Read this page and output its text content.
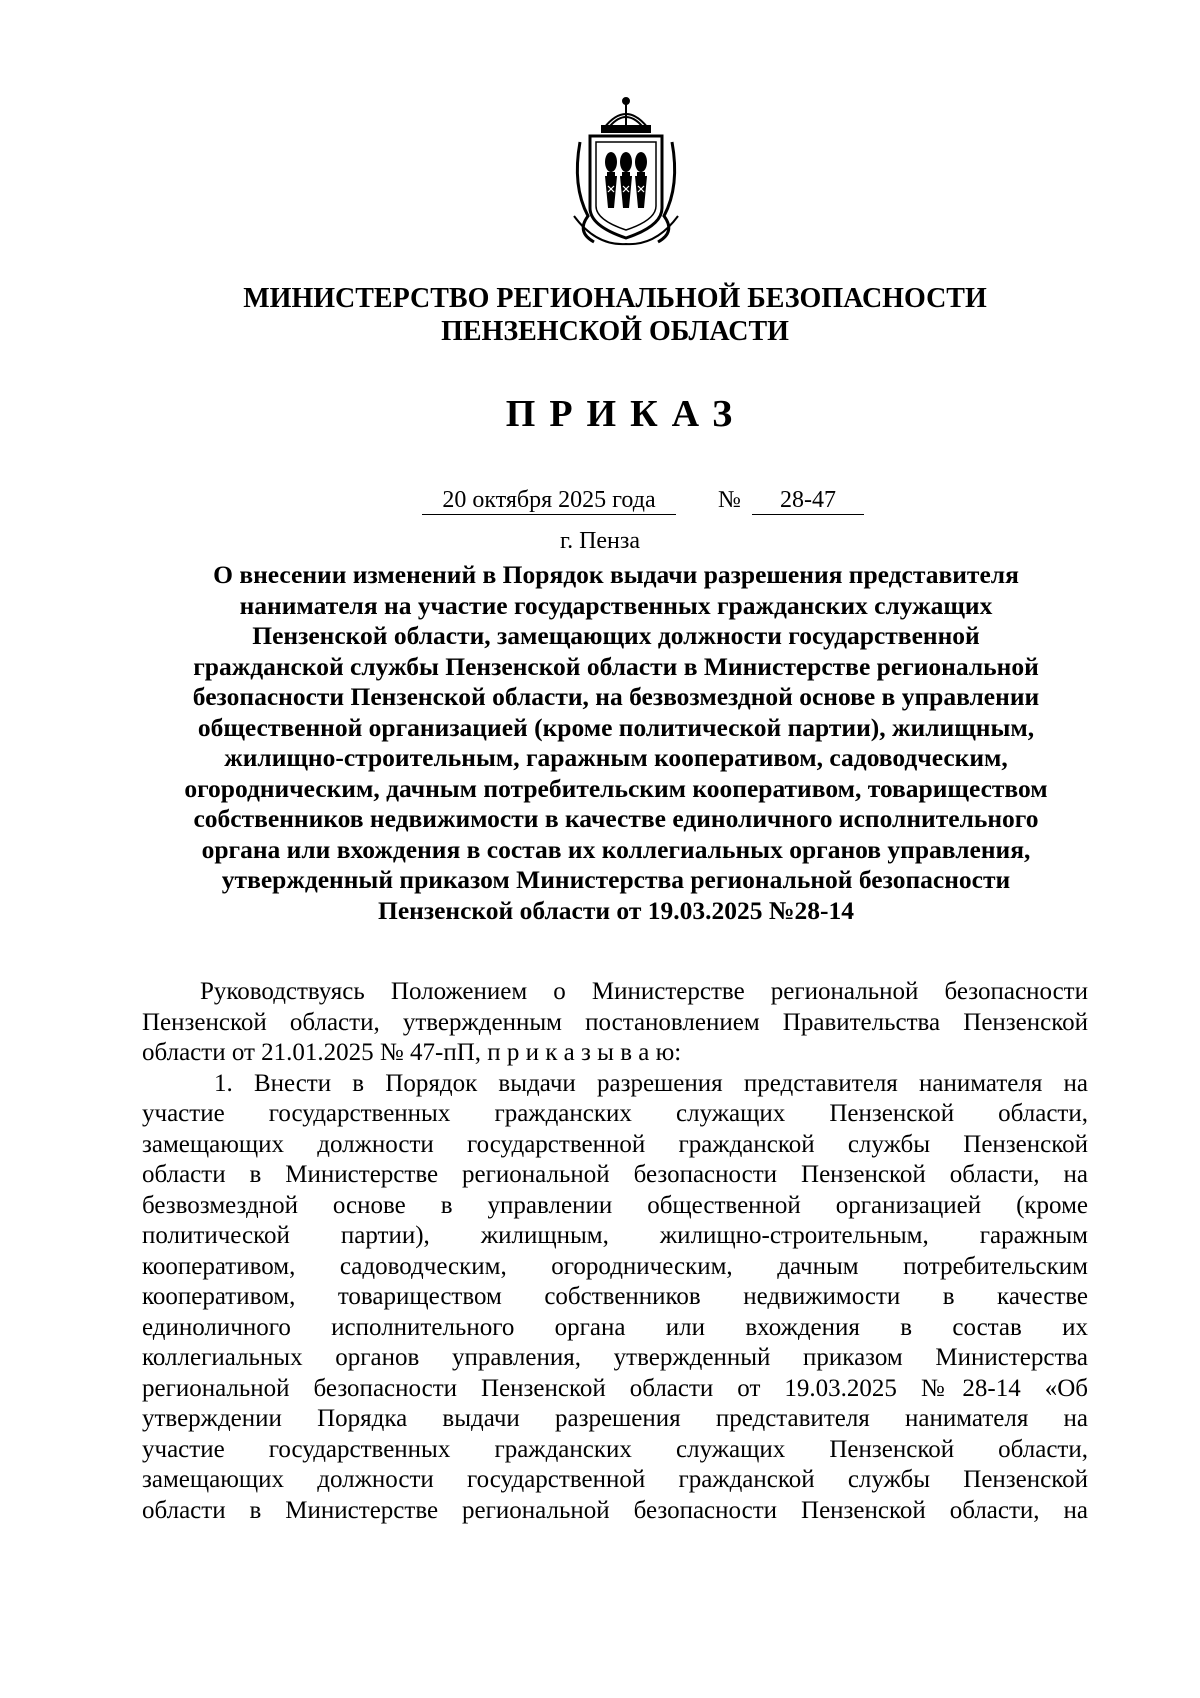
МИНИСТЕРСТВО РЕГИОНАЛЬНОЙ БЕЗОПАСНОСТИ
ПЕНЗЕНСКОЙ ОБЛАСТИ
ПРИКАЗ
20 октября 2025 года	№	28-47
г. Пенза
О внесении изменений в Порядок выдачи разрешения представителя
нанимателя на участие государственных гражданских служащих
Пензенской области, замещающих должности государственной
гражданской службы Пензенской области в Министерстве региональной
безопасности Пензенской области, на безвозмездной основе в управлении
общественной организацией (кроме политической партии), жилищным,
жилищно-строительным, гаражным кооперативом, садоводческим,
огородническим, дачным потребительским кооперативом, товариществом
собственников недвижимости в качестве единоличного исполнительного
органа или вхождения в состав их коллегиальных органов управления,
утвержденный приказом Министерства региональной безопасности
Пензенской области от 19.03.2025 №28-14
Руководствуясь Положением о Министерстве региональной безопасности
Пензенской области, утвержденным постановлением Правительства Пензенской
области от 21.01.2025 № 47-пП, п р и к а з ы в а ю:
1. Внести в Порядок выдачи разрешения представителя нанимателя на
участие государственных гражданских служащих Пензенской области,
замещающих должности государственной гражданской службы Пензенской
области в Министерстве региональной безопасности Пензенской области, на
безвозмездной основе в управлении общественной организацией (кроме
политической партии), жилищным, жилищно-строительным, гаражным
кооперативом, садоводческим, огородническим, дачным потребительским
кооперативом, товариществом собственников недвижимости в качестве
единоличного исполнительного органа или вхождения в состав их
коллегиальных органов управления, утвержденный приказом Министерства
региональной безопасности Пензенской области от 19.03.2025 №28-14 «Об
утверждении Порядка выдачи разрешения представителя нанимателя на
участие государственных гражданских служащих Пензенской области,
замещающих должности государственной гражданской службы Пензенской
области в Министерстве региональной безопасности Пензенской области, на
